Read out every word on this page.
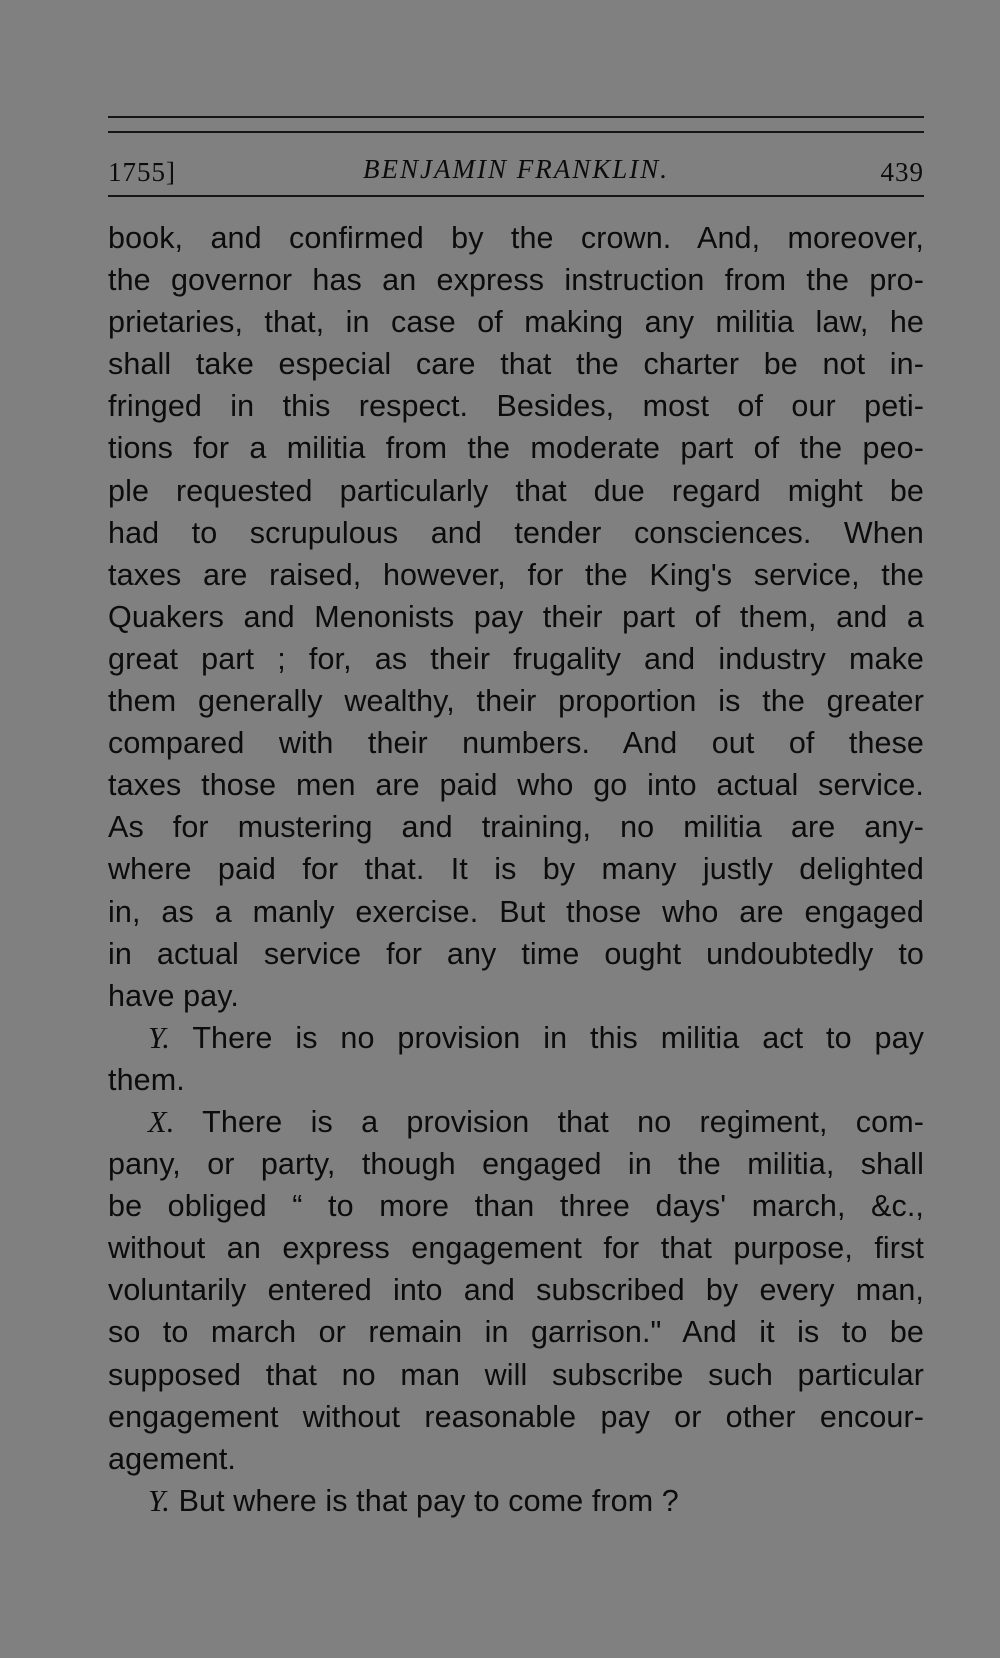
1755]	BENJAMIN FRANKLIN.	439
book, and confirmed by the crown. And, moreover,
the governor has an express instruction from the pro-
prietaries, that, in case of making any militia law, he
shall take especial care that the charter be not in-
fringed in this respect. Besides, most of our peti-
tions for a militia from the moderate part of the peo-
ple requested particularly that due regard might be
had to scrupulous and tender consciences. When
taxes are raised, however, for the King's service, the
Quakers and Menonists pay their part of them, and a
great part ; for, as their frugality and industry make
them generally wealthy, their proportion is the greater
compared with their numbers. And out of these
taxes those men are paid who go into actual service.
As for mustering and training, no militia are any-
where paid for that. It is by many justly delighted
in, as a manly exercise. But those who are engaged
in actual service for any time ought undoubtedly to
have pay.
Y. There is no provision in this militia act to pay
them.
X. There is a provision that no regiment, com-
pany, or party, though engaged in the militia, shall
be obliged “ to more than three days' march, &c.,
without an express engagement for that purpose, first
voluntarily entered into and subscribed by every man,
so to march or remain in garrison." And it is to be
supposed that no man will subscribe such particular
engagement without reasonable pay or other encour-
agement.
Y. But where is that pay to come from ?
